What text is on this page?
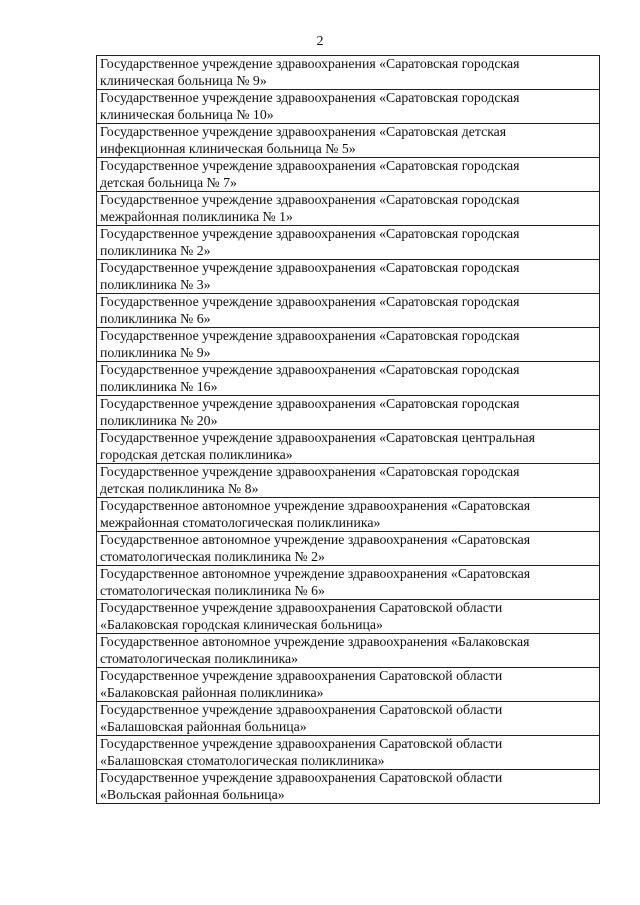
2
Государственное учреждение здравоохранения «Саратовская городская
клиническая больница № 9»

Государственное учреждение здравоохранения «Саратовская городская
клиническая больница № 10»

Государственное учреждение здравоохранения «Саратовская детская
инфекционная клиническая больница № 5»

Государственное учреждение здравоохранения «Саратовская городская
детская больница № 7»

Государственное учреждение здравоохранения «Саратовская городская
межрайонная поликлиника № 1»

Государственное учреждение здравоохранения «Саратовская городская
поликлиника № 2»

Государственное учреждение здравоохранения «Саратовская городская
поликлиника № 3»

Государственное учреждение здравоохранения «Саратовская городская
поликлиника № 6»

Государственное учреждение здравоохранения «Саратовская городская
поликлиника № 9»

Государственное учреждение здравоохранения «Саратовская городская
поликлиника № 16»

Государственное учреждение здравоохранения «Саратовская городская
поликлиника № 20»

Государственное учреждение здравоохранения «Саратовская центральная
городская детская поликлиника»

Государственное учреждение здравоохранения «Саратовская городская
детская поликлиника № 8»

Государственное автономное учреждение здравоохранения «Саратовская
межрайонная стоматологическая поликлиника»

Государственное автономное учреждение здравоохранения «Саратовская
стоматологическая поликлиника № 2»

Государственное автономное учреждение здравоохранения «Саратовская
стоматологическая поликлиника № 6»

Государственное учреждение здравоохранения Саратовской области
«Балаковская городская клиническая больница»

Государственное автономное учреждение здравоохранения «Балаковская
стоматологическая поликлиника»

Государственное учреждение здравоохранения Саратовской области
«Балаковская районная поликлиника»

Государственное учреждение здравоохранения Саратовской области
«Балашовская районная больница»

Государственное учреждение здравоохранения Саратовской области
«Балашовская стоматологическая поликлиника»

Государственное учреждение здравоохранения Саратовской области
«Вольская районная больница»
